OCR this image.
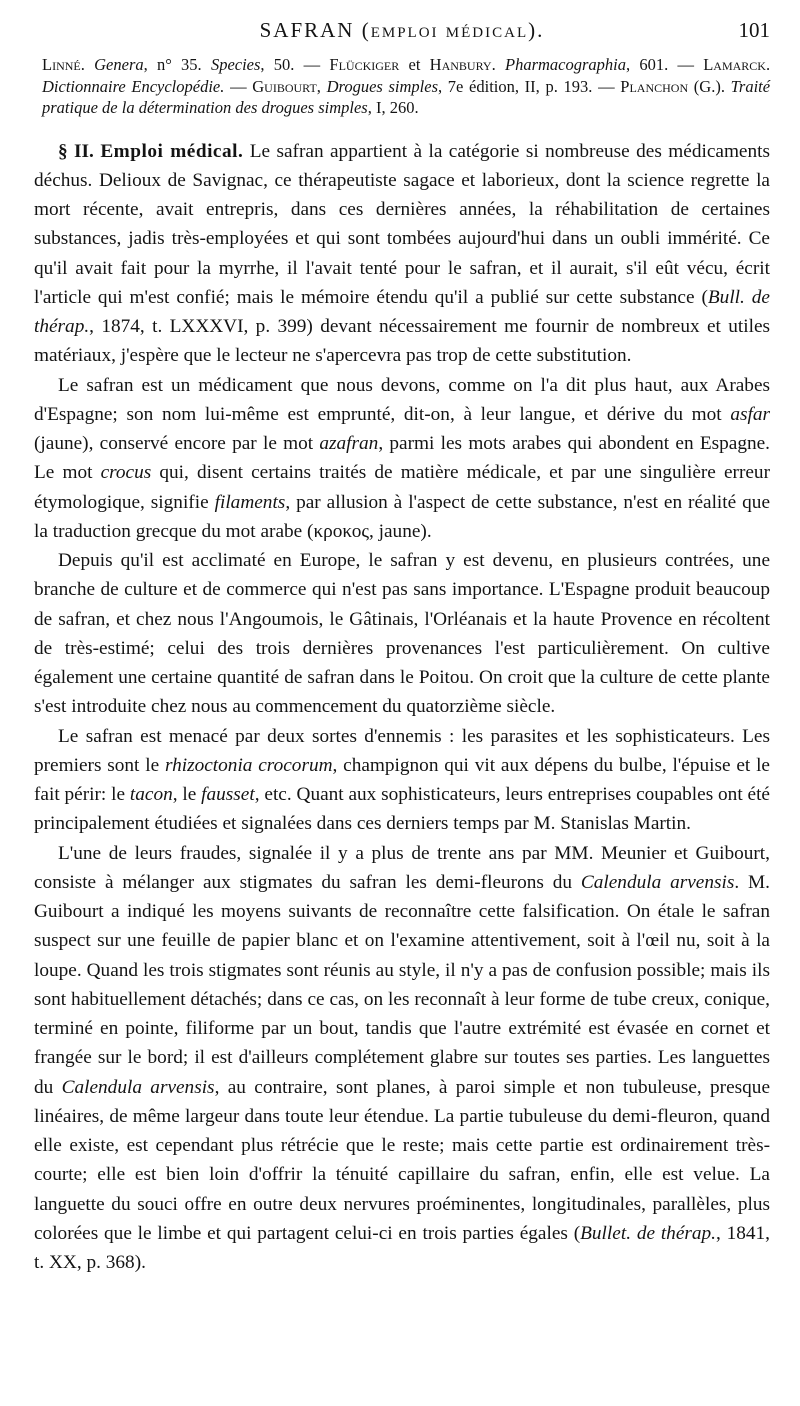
SAFRAN (emploi médical).	101
Linné. Genera, n° 35. Species, 50. — Flückiger et Hanbury. Pharmacographia, 601. — Lamarck. Dictionnaire Encyclopédie. — Guibourt, Drogues simples, 7e édition, II, p. 193. — Planchon (G.). Traité pratique de la détermination des drogues simples, I, 260.

§ II. Emploi médical. Le safran appartient à la catégorie si nombreuse des médicaments déchus. Delioux de Savignac, ce thérapeutiste sagace et laborieux, dont la science regrette la mort récente, avait entrepris, dans ces dernières années, la réhabilitation de certaines substances, jadis très-employées et qui sont tombées aujourd'hui dans un oubli immérité. Ce qu'il avait fait pour la myrrhe, il l'avait tenté pour le safran, et il aurait, s'il eût vécu, écrit l'article qui m'est confié; mais le mémoire étendu qu'il a publié sur cette substance (Bull. de thérap., 1874, t. LXXXVI, p. 399) devant nécessairement me fournir de nombreux et utiles matériaux, j'espère que le lecteur ne s'apercevra pas trop de cette substitution.

Le safran est un médicament que nous devons, comme on l'a dit plus haut, aux Arabes d'Espagne; son nom lui-même est emprunté, dit-on, à leur langue, et dérive du mot asfar (jaune), conservé encore par le mot azafran, parmi les mots arabes qui abondent en Espagne. Le mot crocus qui, disent certains traités de matière médicale, et par une singulière erreur étymologique, signifie filaments, par allusion à l'aspect de cette substance, n'est en réalité que la traduction grecque du mot arabe (κροκος, jaune).

Depuis qu'il est acclimaté en Europe, le safran y est devenu, en plusieurs contrées, une branche de culture et de commerce qui n'est pas sans importance. L'Espagne produit beaucoup de safran, et chez nous l'Angoumois, le Gâtinais, l'Orléanais et la haute Provence en récoltent de très-estimé; celui des trois dernières provenances l'est particulièrement. On cultive également une certaine quantité de safran dans le Poitou. On croit que la culture de cette plante s'est introduite chez nous au commencement du quatorzième siècle.

Le safran est menacé par deux sortes d'ennemis : les parasites et les sophisticateurs. Les premiers sont le rhizoctonia crocorum, champignon qui vit aux dépens du bulbe, l'épuise et le fait périr: le tacon, le fausset, etc. Quant aux sophisticateurs, leurs entreprises coupables ont été principalement étudiées et signalées dans ces derniers temps par M. Stanislas Martin.

L'une de leurs fraudes, signalée il y a plus de trente ans par MM. Meunier et Guibourt, consiste à mélanger aux stigmates du safran les demi-fleurons du Calendula arvensis. M. Guibourt a indiqué les moyens suivants de reconnaître cette falsification. On étale le safran suspect sur une feuille de papier blanc et on l'examine attentivement, soit à l'œil nu, soit à la loupe. Quand les trois stigmates sont réunis au style, il n'y a pas de confusion possible; mais ils sont habituellement détachés; dans ce cas, on les reconnaît à leur forme de tube creux, conique, terminé en pointe, filiforme par un bout, tandis que l'autre extrémité est évasée en cornet et frangée sur le bord; il est d'ailleurs complétement glabre sur toutes ses parties. Les languettes du Calendula arvensis, au contraire, sont planes, à paroi simple et non tubuleuse, presque linéaires, de même largeur dans toute leur étendue. La partie tubuleuse du demi-fleuron, quand elle existe, est cependant plus rétrécie que le reste; mais cette partie est ordinairement très-courte; elle est bien loin d'offrir la ténuité capillaire du safran, enfin, elle est velue. La languette du souci offre en outre deux nervures proéminentes, longitudinales, parallèles, plus colorées que le limbe et qui partagent celui-ci en trois parties égales (Bullet. de thérap., 1841, t. XX, p. 368).
